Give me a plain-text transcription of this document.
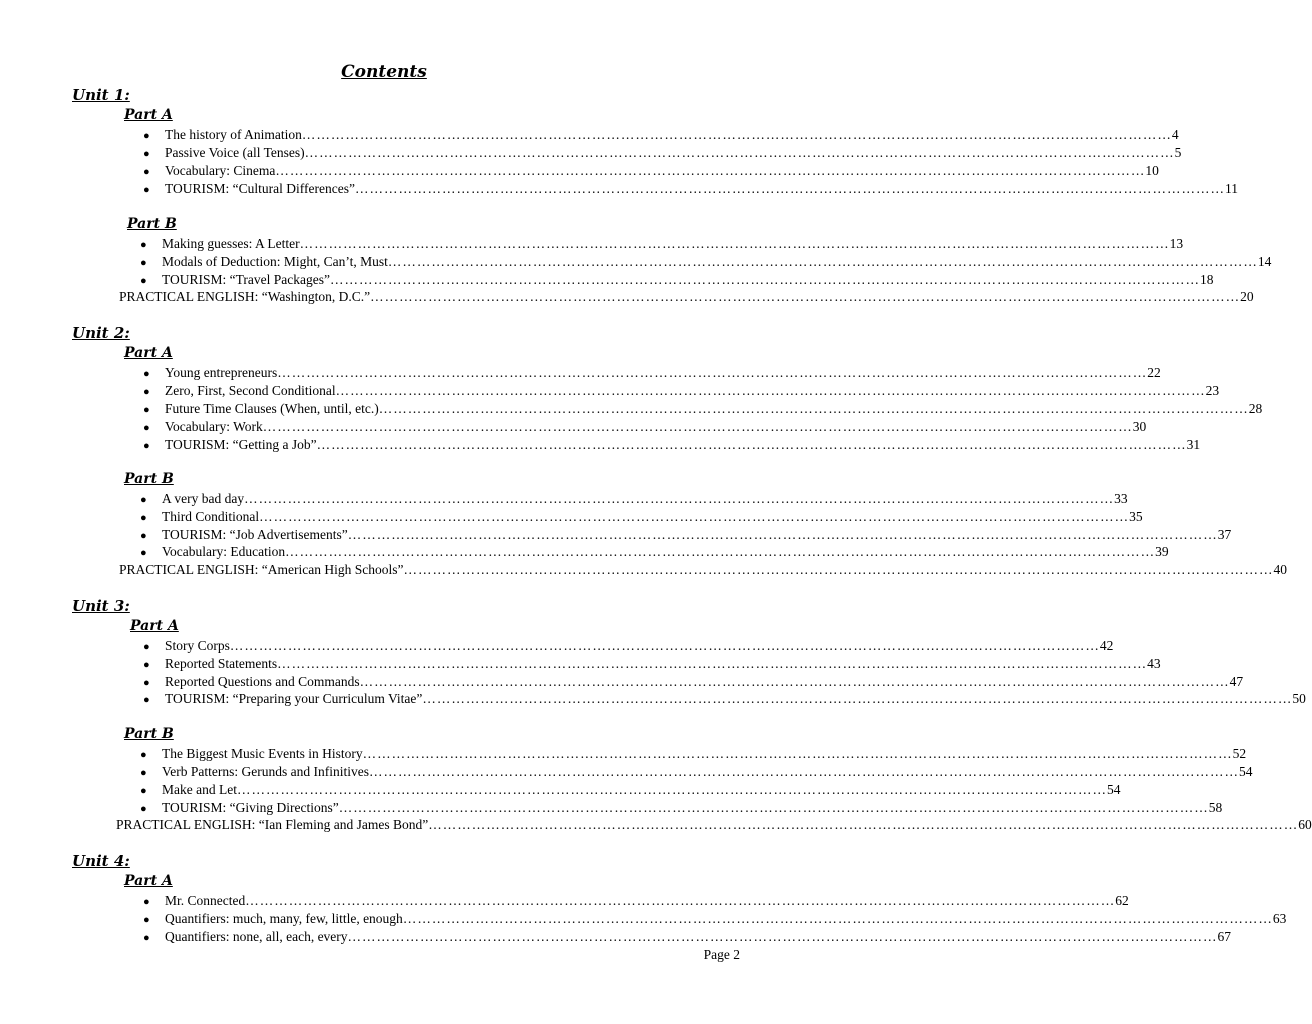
Contents
Unit 1:
Part A
●	The history of Animation ……………………………………………………………………………………………………………………………………………………………… 4
●	Passive Voice (all Tenses) ……………………………………………………………………………………………………………………………………………………………… 5
●	Vocabulary: Cinema ……………………………………………………………………………………………………………………………………………………………… 10
●	TOURISM: “Cultural Differences” ……………………………………………………………………………………………………………………………………………………………… 11
Part B
●	Making guesses: A Letter ……………………………………………………………………………………………………………………………………………………………… 13
●	Modals of Deduction: Might, Can’t, Must ……………………………………………………………………………………………………………………………………………………………… 14
●	TOURISM: “Travel Packages” ……………………………………………………………………………………………………………………………………………………………… 18
PRACTICAL ENGLISH: “Washington, D.C.” ……………………………………………………………………………………………………………………………………………………………… 20
Unit 2:
Part A
●	Young entrepreneurs ……………………………………………………………………………………………………………………………………………………………… 22
●	Zero, First, Second Conditional ……………………………………………………………………………………………………………………………………………………………… 23
●	Future Time Clauses (When, until, etc.) ……………………………………………………………………………………………………………………………………………………………… 28
●	Vocabulary: Work ……………………………………………………………………………………………………………………………………………………………… 30
●	TOURISM: “Getting a Job” ……………………………………………………………………………………………………………………………………………………………… 31
Part B
●	A very bad day ……………………………………………………………………………………………………………………………………………………………… 33
●	Third Conditional ……………………………………………………………………………………………………………………………………………………………… 35
●	TOURISM: “Job Advertisements” ……………………………………………………………………………………………………………………………………………………………… 37
●	Vocabulary: Education ……………………………………………………………………………………………………………………………………………………………… 39
PRACTICAL ENGLISH: “American High Schools” ……………………………………………………………………………………………………………………………………………………………… 40
Unit 3:
Part A
●	Story Corps ……………………………………………………………………………………………………………………………………………………………… 42
●	Reported Statements ……………………………………………………………………………………………………………………………………………………………… 43
●	Reported Questions and Commands ……………………………………………………………………………………………………………………………………………………………… 47
●	TOURISM: “Preparing your Curriculum Vitae” ……………………………………………………………………………………………………………………………………………………………… 50
Part B
●	The Biggest Music Events in History ……………………………………………………………………………………………………………………………………………………………… 52
●	Verb Patterns: Gerunds and Infinitives ……………………………………………………………………………………………………………………………………………………………… 54
●	Make and Let ……………………………………………………………………………………………………………………………………………………………… 54
●	TOURISM: “Giving Directions” ……………………………………………………………………………………………………………………………………………………………… 58
PRACTICAL ENGLISH: “Ian Fleming and James Bond” ……………………………………………………………………………………………………………………………………………………………… 60
Unit 4:
Part A
●	Mr. Connected ……………………………………………………………………………………………………………………………………………………………… 62
●	Quantifiers: much, many, few, little, enough ……………………………………………………………………………………………………………………………………………………………… 63
●	Quantifiers: none, all, each, every ……………………………………………………………………………………………………………………………………………………………… 67
Page 2
